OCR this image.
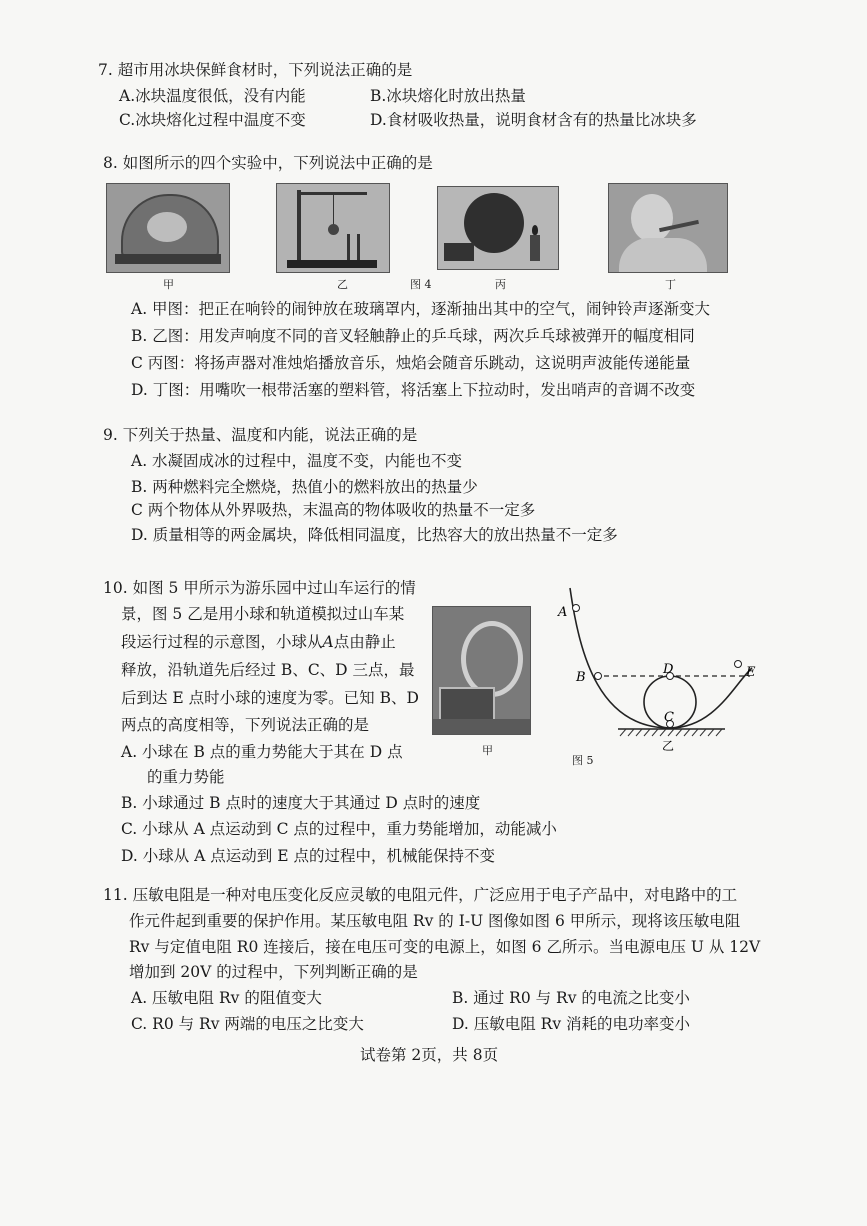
7. 超市用冰块保鲜食材时，下列说法正确的是
A.冰块温度很低，没有内能	B.冰块熔化时放出热量
C.冰块熔化过程中温度不变	D.食材吸收热量，说明食材含有的热量比冰块多
8. 如图所示的四个实验中，下列说法中正确的是
甲	乙	图 4	丙	丁
A. 甲图：把正在响铃的闹钟放在玻璃罩内，逐渐抽出其中的空气，闹钟铃声逐渐变大
B. 乙图：用发声响度不同的音叉轻触静止的乒乓球，两次乒乓球被弹开的幅度相同
C 丙图：将扬声器对准烛焰播放音乐，烛焰会随音乐跳动，这说明声波能传递能量
D. 丁图：用嘴吹一根带活塞的塑料管，将活塞上下拉动时，发出哨声的音调不改变
9. 下列关于热量、温度和内能，说法正确的是
A. 水凝固成冰的过程中，温度不变，内能也不变
B. 两种燃料完全燃烧，热值小的燃料放出的热量少
C 两个物体从外界吸热，末温高的物体吸收的热量不一定多
D. 质量相等的两金属块，降低相同温度，比热容大的放出热量不一定多
10. 如图 5 甲所示为游乐园中过山车运行的情
景，图 5 乙是用小球和轨道模拟过山车某
段运行过程的示意图，小球从A点由静止
释放，沿轨道先后经过 B、C、D 三点，最
后到达 E 点时小球的速度为零。已知 B、D
两点的高度相等，下列说法正确的是
A. 小球在 B 点的重力势能大于其在 D 点
的重力势能
B. 小球通过 B 点时的速度大于其通过 D 点时的速度
C. 小球从 A 点运动到 C 点的过程中，重力势能增加，动能减小
D. 小球从 A 点运动到 E 点的过程中，机械能保持不变
甲
A
B
D
C
E
乙
图 5
11. 压敏电阻是一种对电压变化反应灵敏的电阻元件，广泛应用于电子产品中，对电路中的工
作元件起到重要的保护作用。某压敏电阻 Rv 的 I-U 图像如图 6 甲所示，现将该压敏电阻
Rv 与定值电阻 R0 连接后，接在电压可变的电源上，如图 6 乙所示。当电源电压 U 从 12V
增加到 20V 的过程中，下列判断正确的是
A. 压敏电阻 Rv 的阻值变大	B. 通过 R0 与 Rv 的电流之比变小
C. R0 与 Rv 两端的电压之比变大	D. 压敏电阻 Rv 消耗的电功率变小
试卷第 2页，共 8页
